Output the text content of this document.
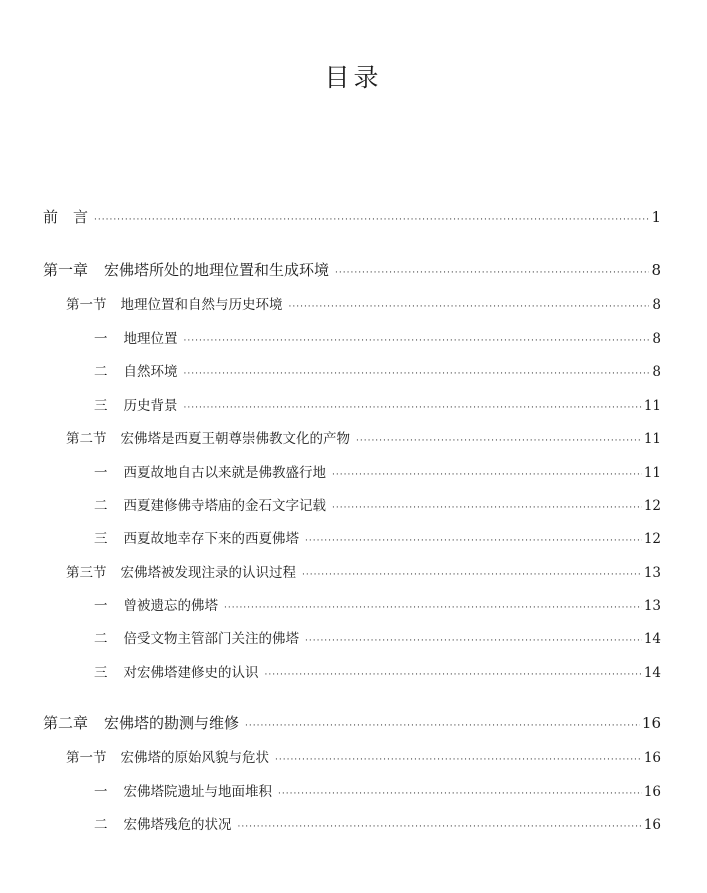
目录
前　言 ·····	1
第一章 宏佛塔所处的地理位置和生成环境 ·····	8
第一节 地理位置和自然与历史环境 ·····	8
一 地理位置 ·····	8
二 自然环境 ·····	8
三 历史背景 ·····	11
第二节 宏佛塔是西夏王朝尊崇佛教文化的产物 ·····	11
一 西夏故地自古以来就是佛教盛行地 ·····	11
二 西夏建修佛寺塔庙的金石文字记载 ·····	12
三 西夏故地幸存下来的西夏佛塔 ·····	12
第三节 宏佛塔被发现注录的认识过程 ·····	13
一 曾被遗忘的佛塔 ·····	13
二 倍受文物主管部门关注的佛塔 ·····	14
三 对宏佛塔建修史的认识 ·····	14
第二章 宏佛塔的勘测与维修 ·····	16
第一节 宏佛塔的原始风貌与危状 ·····	16
一 宏佛塔院遗址与地面堆积 ·····	16
二 宏佛塔残危的状况 ·····	16
